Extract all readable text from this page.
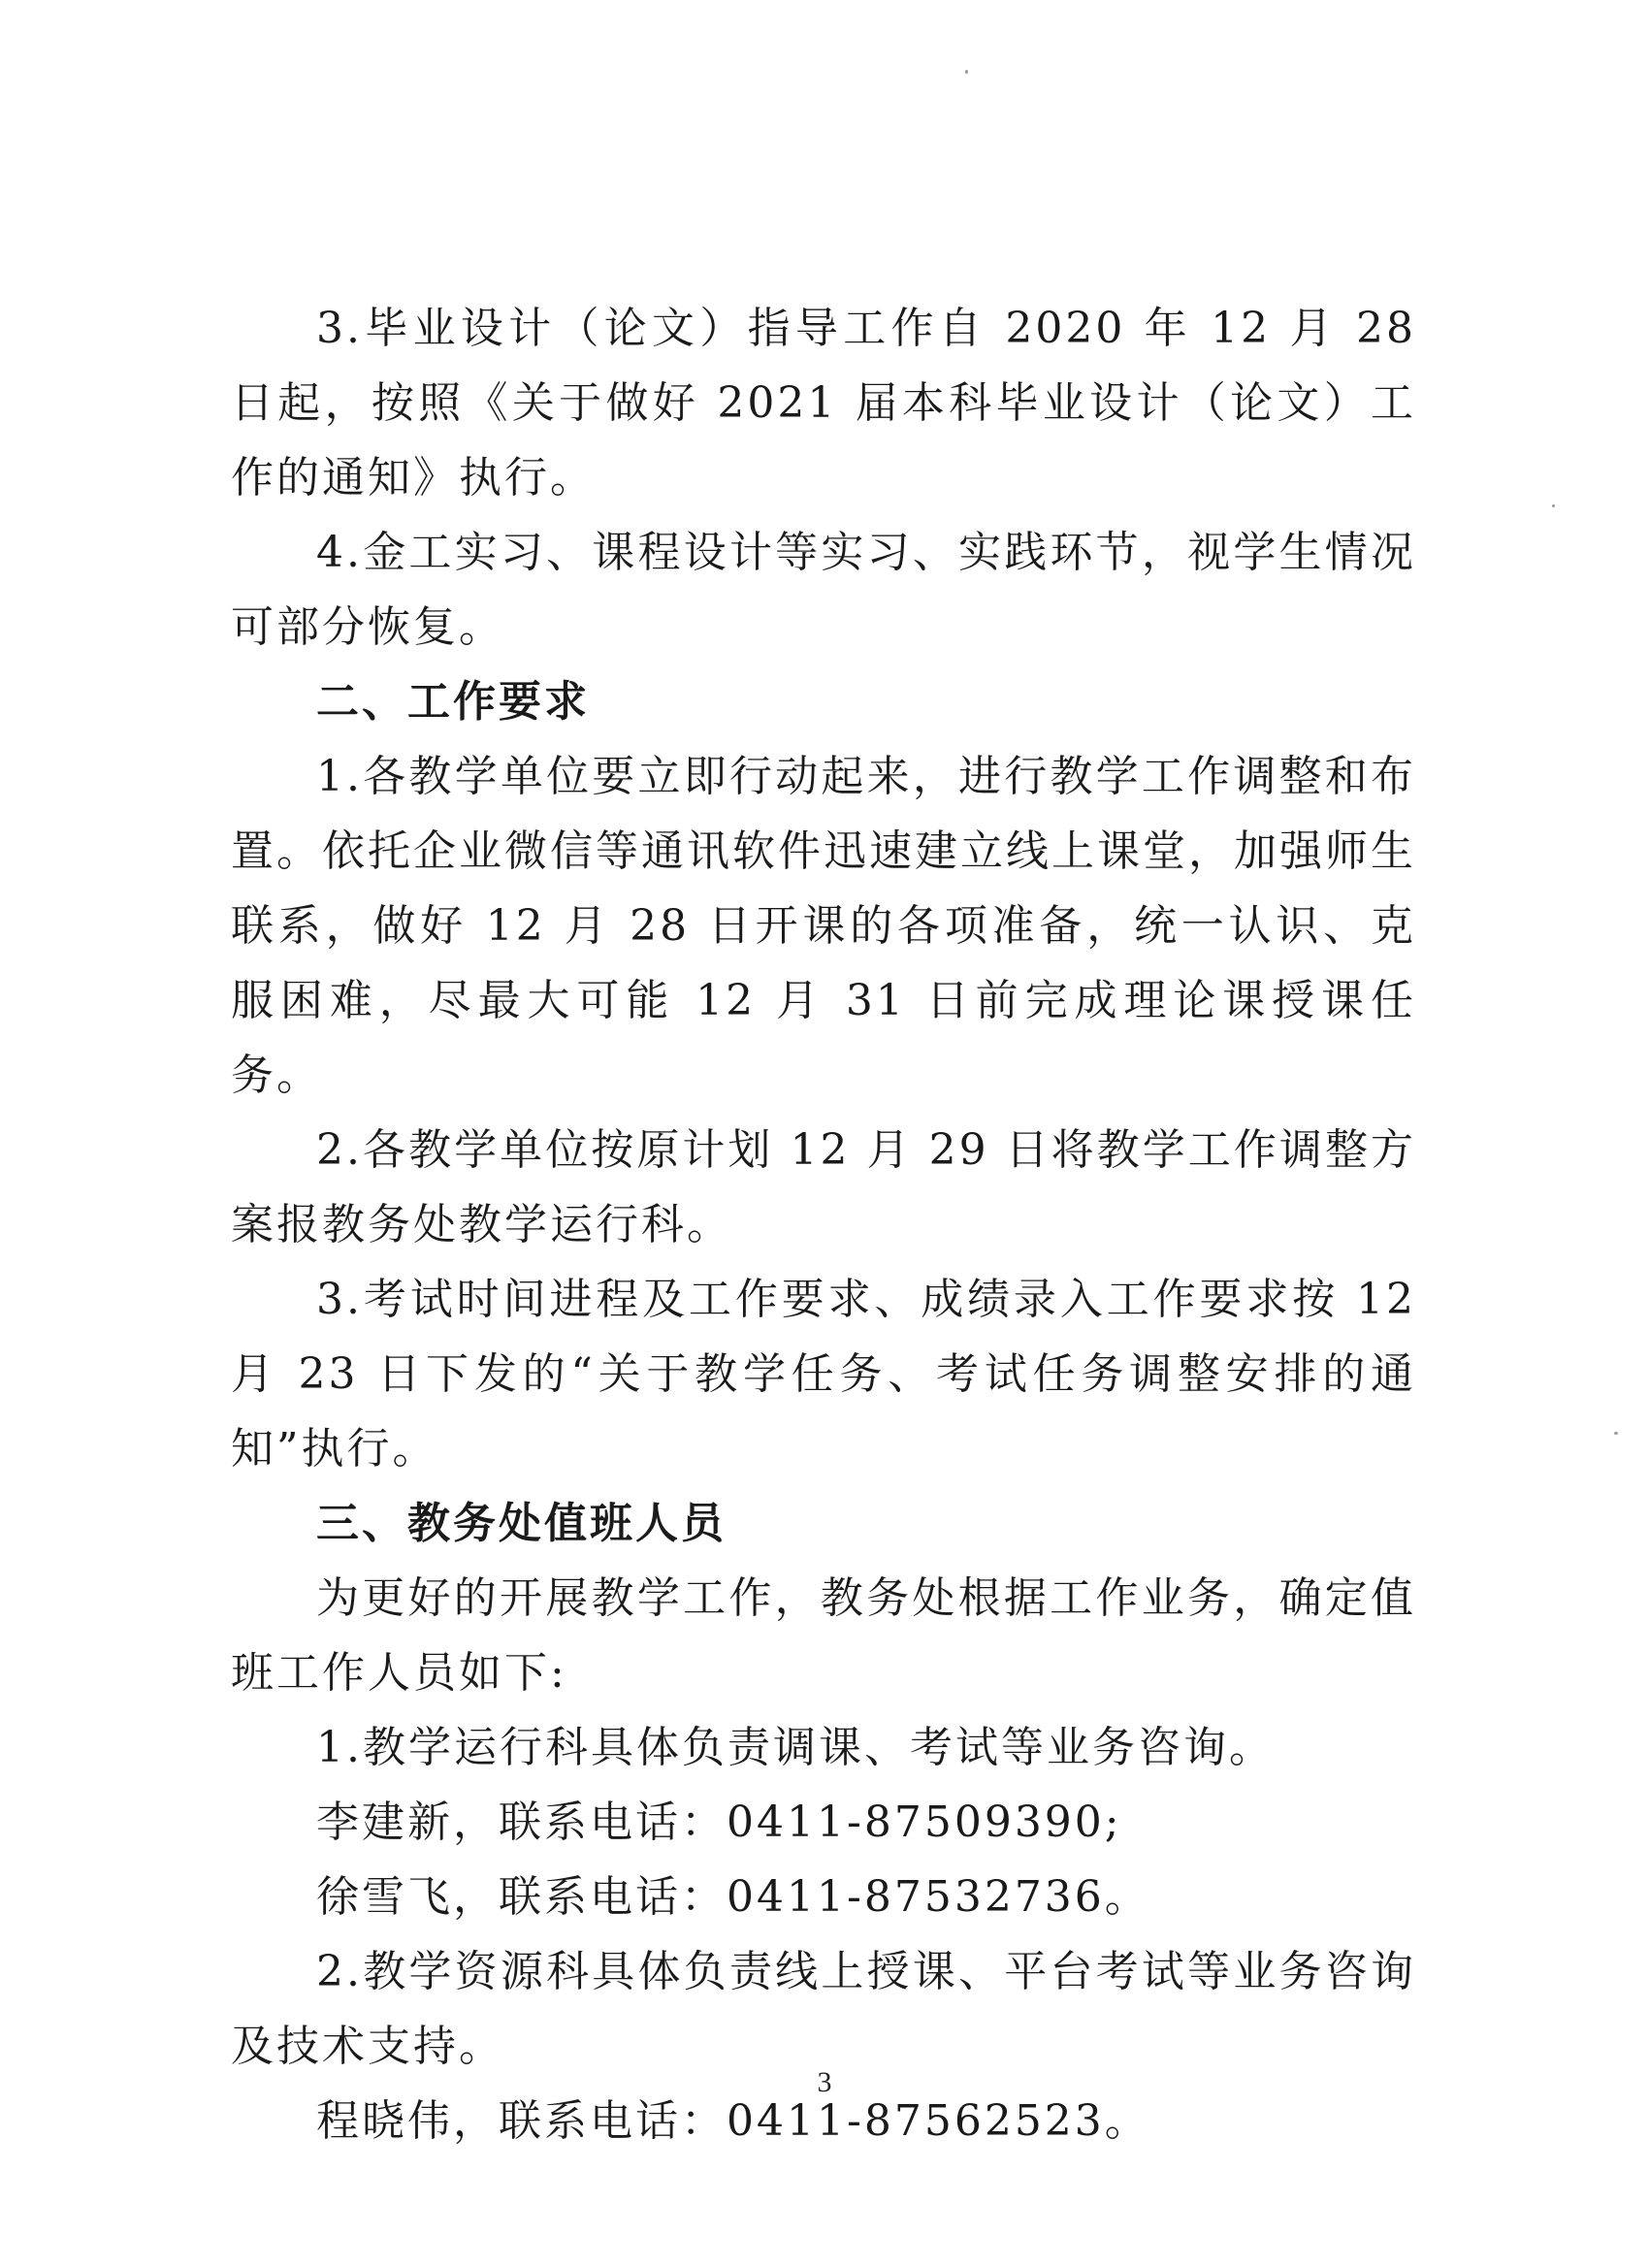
3.毕业设计（论文）指导工作自 2020 年 12 月 28 日起，按照《关于做好 2021 届本科毕业设计（论文）工作的通知》执行。

4.金工实习、课程设计等实习、实践环节，视学生情况可部分恢复。

二、工作要求

1.各教学单位要立即行动起来，进行教学工作调整和布置。依托企业微信等通讯软件迅速建立线上课堂，加强师生联系，做好 12 月 28 日开课的各项准备，统一认识、克服困难，尽最大可能 12 月 31 日前完成理论课授课任务。

2.各教学单位按原计划 12 月 29 日将教学工作调整方案报教务处教学运行科。

3.考试时间进程及工作要求、成绩录入工作要求按 12 月 23 日下发的“关于教学任务、考试任务调整安排的通知”执行。

三、教务处值班人员

为更好的开展教学工作，教务处根据工作业务，确定值班工作人员如下:

1.教学运行科具体负责调课、考试等业务咨询。

李建新，联系电话：0411-87509390;

徐雪飞，联系电话：0411-87532736。

2.教学资源科具体负责线上授课、平台考试等业务咨询及技术支持。

程晓伟，联系电话：0411-87562523。

3
